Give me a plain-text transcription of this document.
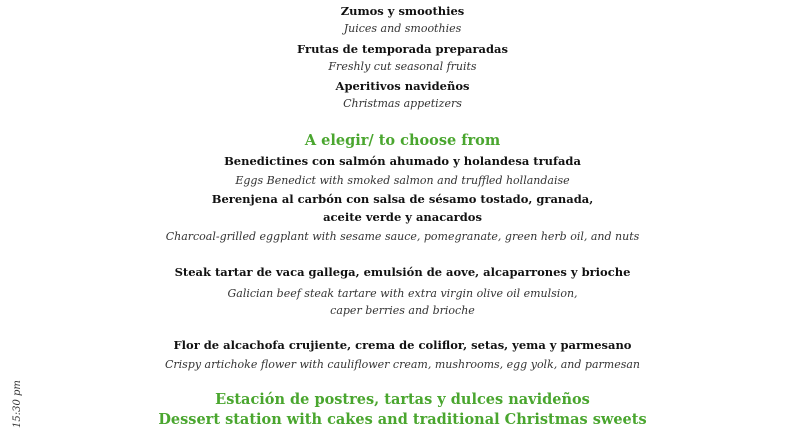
Zumos y smoothies
Juices and smoothies
Frutas de temporada preparadas
Freshly cut seasonal fruits
Aperitivos navideños
Christmas appetizers
A elegir/ to choose from
Benedictines con salmón ahumado y holandesa trufada
Eggs Benedict with smoked salmon and truffled hollandaise
Berenjena al carbón con salsa de sésamo tostado, granada,
aceite verde y anacardos
Charcoal-grilled eggplant with sesame sauce, pomegranate, green herb oil, and nuts
Steak tartar de vaca gallega, emulsión de aove, alcaparrones y brioche
Galician beef steak tartare with extra virgin olive oil emulsion,
caper berries and brioche
Flor de alcachofa crujiente, crema de coliflor, setas, yema y parmesano
Crispy artichoke flower with cauliflower cream, mushrooms, egg yolk, and parmesan
Estación de postres, tartas y dulces navideños
Dessert station with cakes and traditional Christmas sweets
15:30 pm
